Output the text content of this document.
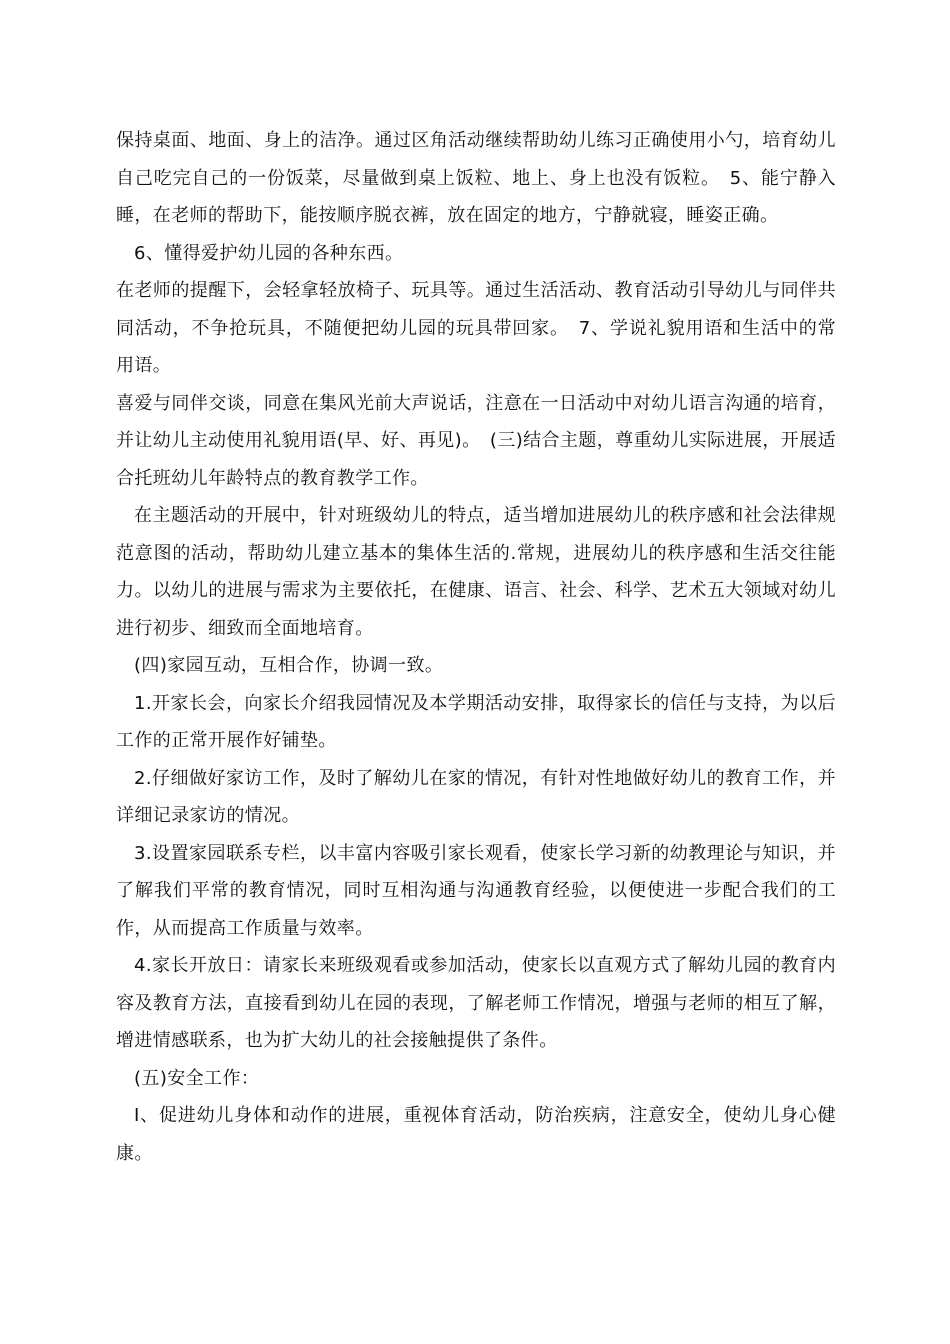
保持桌面、地面、身上的洁净。通过区角活动继续帮助幼儿练习正确使用小勺，培育幼儿自己吃完自己的一份饭菜，尽量做到桌上饭粒、地上、身上也没有饭粒。　5、能宁静入睡，在老师的帮助下，能按顺序脱衣裤，放在固定的地方，宁静就寝，睡姿正确。

6、懂得爱护幼儿园的各种东西。

在老师的提醒下，会轻拿轻放椅子、玩具等。通过生活活动、教育活动引导幼儿与同伴共同活动，不争抢玩具，不随便把幼儿园的玩具带回家。　7、学说礼貌用语和生活中的常用语。

喜爱与同伴交谈，同意在集风光前大声说话，注意在一日活动中对幼儿语言沟通的培育，并让幼儿主动使用礼貌用语(早、好、再见)。　(三)结合主题，尊重幼儿实际进展，开展适合托班幼儿年龄特点的教育教学工作。

在主题活动的开展中，针对班级幼儿的特点，适当增加进展幼儿的秩序感和社会法律规范意图的活动，帮助幼儿建立基本的集体生活的.常规，进展幼儿的秩序感和生活交往能力。以幼儿的进展与需求为主要依托，在健康、语言、社会、科学、艺术五大领域对幼儿进行初步、细致而全面地培育。

(四)家园互动，互相合作，协调一致。

1.开家长会，向家长介绍我园情况及本学期活动安排，取得家长的信任与支持，为以后工作的正常开展作好铺垫。

2.仔细做好家访工作，及时了解幼儿在家的情况，有针对性地做好幼儿的教育工作，并详细记录家访的情况。

3.设置家园联系专栏，以丰富内容吸引家长观看，使家长学习新的幼教理论与知识，并了解我们平常的教育情况，同时互相沟通与沟通教育经验，以便使进一步配合我们的工作，从而提高工作质量与效率。

4.家长开放日：请家长来班级观看或参加活动，使家长以直观方式了解幼儿园的教育内容及教育方法，直接看到幼儿在园的表现，了解老师工作情况，增强与老师的相互了解，增进情感联系，也为扩大幼儿的社会接触提供了条件。

(五)安全工作：

I、促进幼儿身体和动作的进展，重视体育活动，防治疾病，注意安全，使幼儿身心健康。
